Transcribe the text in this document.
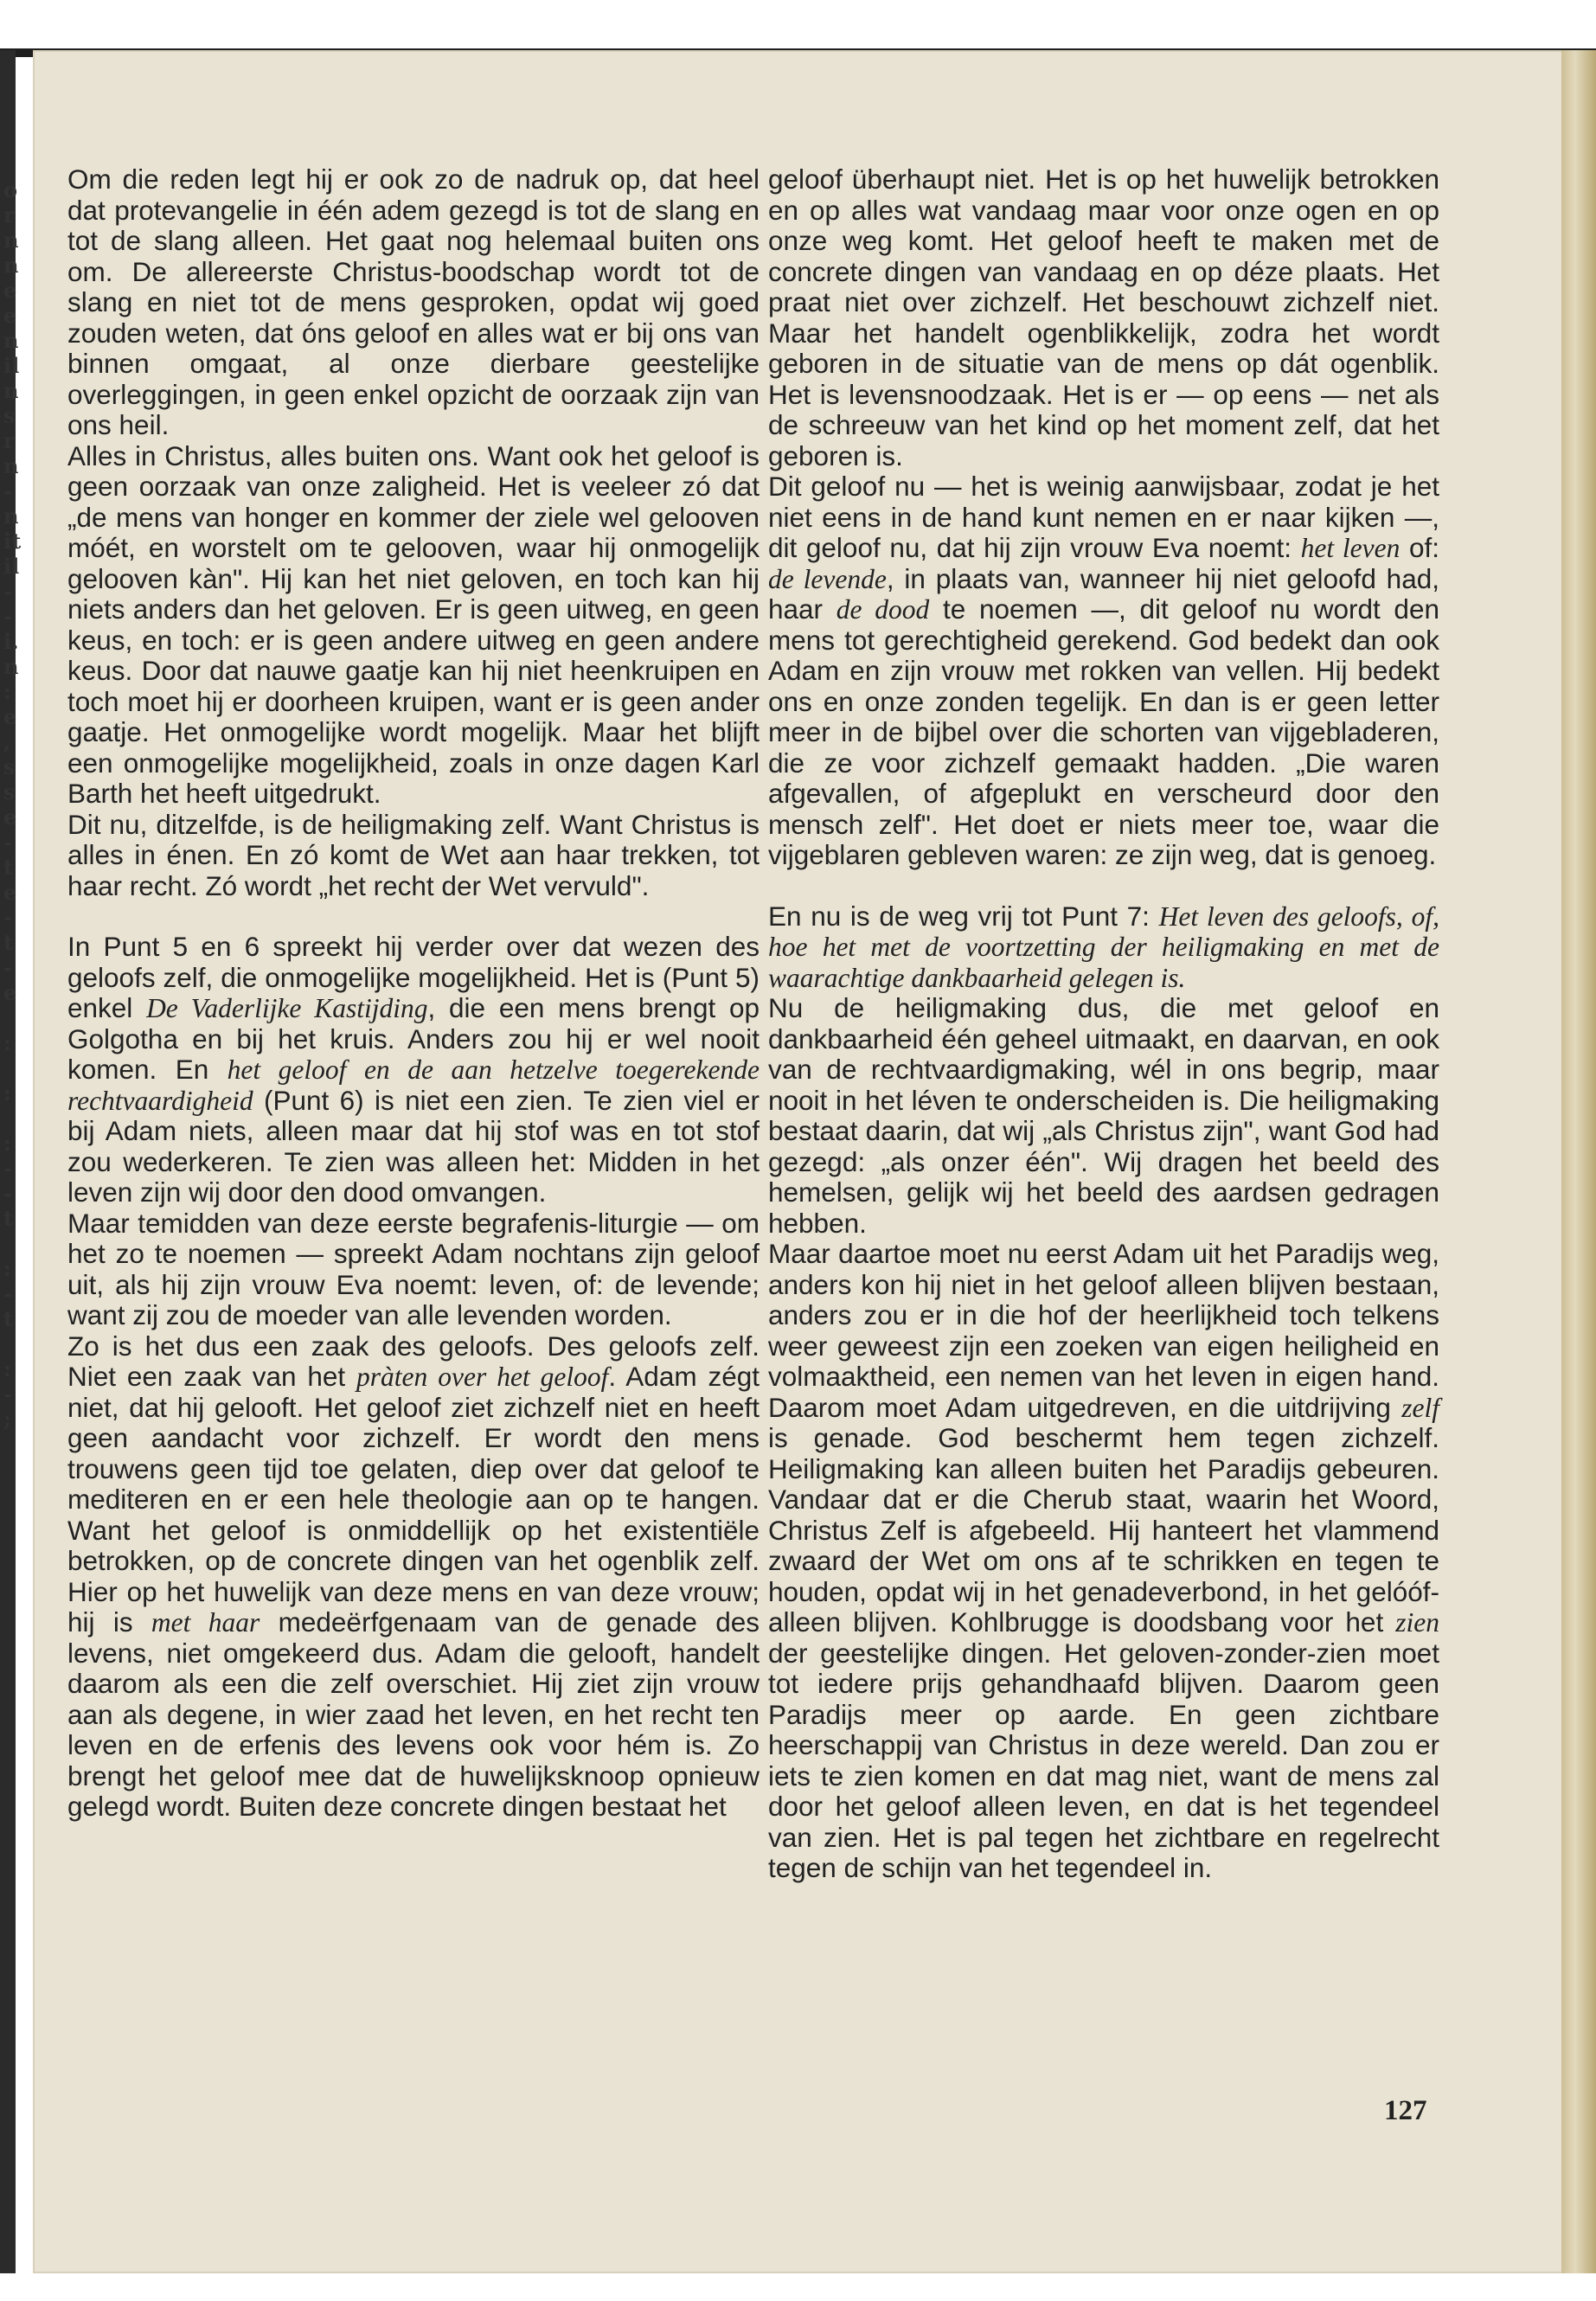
o
r
n
n
e
e
n
il
n
s
r
n
-
n
it
il
-
-
i.
n
:
e
,
s
s
e
-
t
e
-
t
-
e
:
:
:
-
-
t
:
-
t
:
-
;

Om die reden legt hij er ook zo de nadruk op, dat heel dat protevangelie in één adem gezegd is tot de slang en tot de slang alleen. Het gaat nog helemaal buiten ons om. De allereerste Christus-boodschap wordt tot de slang en niet tot de mens gesproken, opdat wij goed zouden weten, dat óns geloof en alles wat er bij ons van binnen omgaat, al onze dierbare geestelijke overleggingen, in geen enkel opzicht de oorzaak zijn van ons heil.

Alles in Christus, alles buiten ons. Want ook het geloof is geen oorzaak van onze zaligheid. Het is veeleer zó dat „de mens van honger en kommer der ziele wel gelooven móét, en worstelt om te gelooven, waar hij onmogelijk gelooven kàn". Hij kan het niet geloven, en toch kan hij niets anders dan het geloven. Er is geen uitweg, en geen keus, en toch: er is geen andere uitweg en geen andere keus. Door dat nauwe gaatje kan hij niet heenkruipen en toch moet hij er doorheen kruipen, want er is geen ander gaatje. Het onmogelijke wordt mogelijk. Maar het blijft een onmogelijke mogelijkheid, zoals in onze dagen Karl Barth het heeft uitgedrukt.

Dit nu, ditzelfde, is de heiligmaking zelf. Want Christus is alles in énen. En zó komt de Wet aan haar trekken, tot haar recht. Zó wordt „het recht der Wet vervuld".

In Punt 5 en 6 spreekt hij verder over dat wezen des geloofs zelf, die onmogelijke mogelijkheid. Het is (Punt 5) enkel De Vaderlijke Kastijding, die een mens brengt op Golgotha en bij het kruis. Anders zou hij er wel nooit komen. En het geloof en de aan hetzelve toegerekende rechtvaardigheid (Punt 6) is niet een zien. Te zien viel er bij Adam niets, alleen maar dat hij stof was en tot stof zou wederkeren. Te zien was alleen het: Midden in het leven zijn wij door den dood omvangen.

Maar temidden van deze eerste begrafenis-liturgie — om het zo te noemen — spreekt Adam nochtans zijn geloof uit, als hij zijn vrouw Eva noemt: leven, of: de levende; want zij zou de moeder van alle levenden worden.

Zo is het dus een zaak des geloofs. Des geloofs zelf. Niet een zaak van het pràten over het geloof. Adam zégt niet, dat hij gelooft. Het geloof ziet zichzelf niet en heeft geen aandacht voor zichzelf. Er wordt den mens trouwens geen tijd toe gelaten, diep over dat geloof te mediteren en er een hele theologie aan op te hangen. Want het geloof is onmiddellijk op het existentiële betrokken, op de concrete dingen van het ogenblik zelf. Hier op het huwelijk van deze mens en van deze vrouw; hij is met haar medeërfgenaam van de genade des levens, niet omgekeerd dus. Adam die gelooft, handelt daarom als een die zelf overschiet. Hij ziet zijn vrouw aan als degene, in wier zaad het leven, en het recht ten leven en de erfenis des levens ook voor hém is. Zo brengt het geloof mee dat de huwelijksknoop opnieuw gelegd wordt. Buiten deze concrete dingen bestaat het

geloof überhaupt niet. Het is op het huwelijk betrokken en op alles wat vandaag maar voor onze ogen en op onze weg komt. Het geloof heeft te maken met de concrete dingen van vandaag en op déze plaats. Het praat niet over zichzelf. Het beschouwt zichzelf niet. Maar het handelt ogenblikkelijk, zodra het wordt geboren in de situatie van de mens op dát ogenblik. Het is levensnoodzaak. Het is er — op eens — net als de schreeuw van het kind op het moment zelf, dat het geboren is.

Dit geloof nu — het is weinig aanwijsbaar, zodat je het niet eens in de hand kunt nemen en er naar kijken —, dit geloof nu, dat hij zijn vrouw Eva noemt: het leven of: de levende, in plaats van, wanneer hij niet geloofd had, haar de dood te noemen —, dit geloof nu wordt den mens tot gerechtigheid gerekend. God bedekt dan ook Adam en zijn vrouw met rokken van vellen. Hij bedekt ons en onze zonden tegelijk. En dan is er geen letter meer in de bijbel over die schorten van vijgebladeren, die ze voor zichzelf gemaakt hadden. „Die waren afgevallen, of afgeplukt en verscheurd door den mensch zelf". Het doet er niets meer toe, waar die vijgeblaren gebleven waren: ze zijn weg, dat is genoeg.

En nu is de weg vrij tot Punt 7: Het leven des geloofs, of, hoe het met de voortzetting der heiligmaking en met de waarachtige dankbaarheid gelegen is.

Nu de heiligmaking dus, die met geloof en dankbaarheid één geheel uitmaakt, en daarvan, en ook van de rechtvaardigmaking, wél in ons begrip, maar nooit in het léven te onderscheiden is. Die heiligmaking bestaat daarin, dat wij „als Christus zijn", want God had gezegd: „als onzer één". Wij dragen het beeld des hemelsen, gelijk wij het beeld des aardsen gedragen hebben.

Maar daartoe moet nu eerst Adam uit het Paradijs weg, anders kon hij niet in het geloof alleen blijven bestaan, anders zou er in die hof der heerlijkheid toch telkens weer geweest zijn een zoeken van eigen heiligheid en volmaaktheid, een nemen van het leven in eigen hand. Daarom moet Adam uitgedreven, en die uitdrijving zelf is genade. God beschermt hem tegen zichzelf. Heiligmaking kan alleen buiten het Paradijs gebeuren. Vandaar dat er die Cherub staat, waarin het Woord, Christus Zelf is afgebeeld. Hij hanteert het vlammend zwaard der Wet om ons af te schrikken en tegen te houden, opdat wij in het genadeverbond, in het gelóóf-alleen blijven. Kohlbrugge is doodsbang voor het zien der geestelijke dingen. Het geloven-zonder-zien moet tot iedere prijs gehandhaafd blijven. Daarom geen Paradijs meer op aarde. En geen zichtbare heerschappij van Christus in deze wereld. Dan zou er iets te zien komen en dat mag niet, want de mens zal door het geloof alleen leven, en dat is het tegendeel van zien. Het is pal tegen het zichtbare en regelrecht tegen de schijn van het tegendeel in.

127
